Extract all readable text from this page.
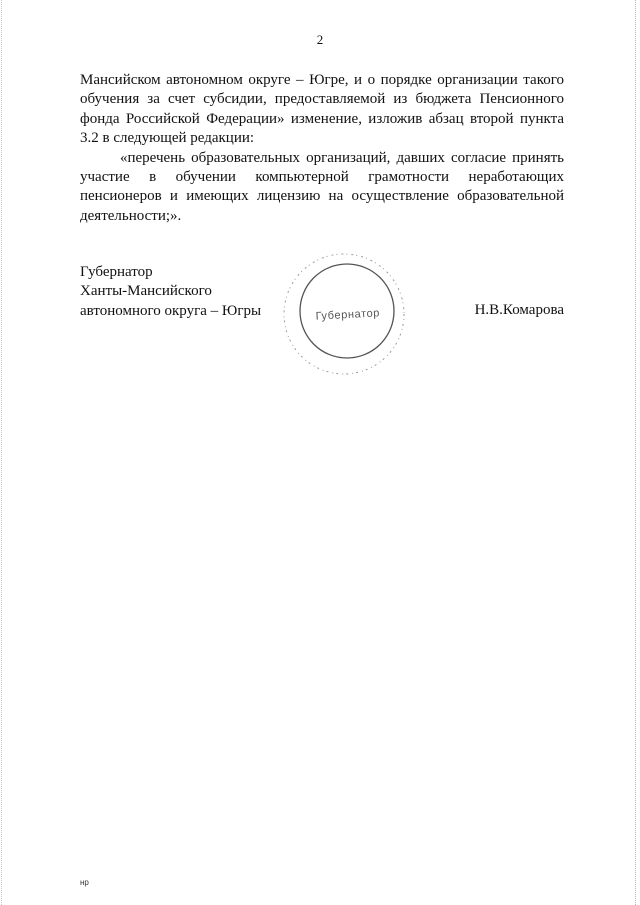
2

Мансийском автономном округе – Югре, и о порядке организации такого обучения за счет субсидии, предоставляемой из бюджета Пенсионного фонда Российской Федерации» изменение, изложив абзац второй пункта 3.2 в следующей редакции:

«перечень образовательных организаций, давших согласие принять участие в обучении компьютерной грамотности неработающих пенсионеров и имеющих лицензию на осуществление образовательной деятельности;».

Губернатор
Ханты-Мансийского
автономного округа – Югры	Губернатор	Н.В.Комарова
нр
